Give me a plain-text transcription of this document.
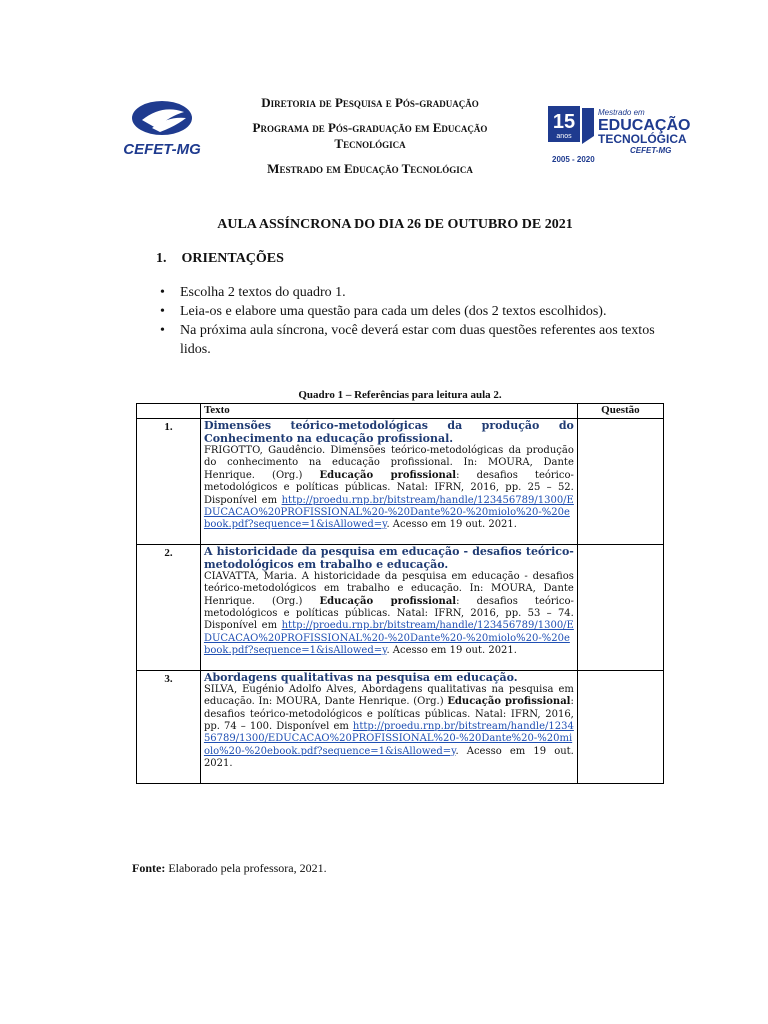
CEFET-MG
Diretoria de Pesquisa e Pós-graduação
Programa de Pós-graduação em Educação
Tecnológica
Mestrado em Educação Tecnológica
15
anos
Mestrado em
EDUCAÇÃO
TECNOLÓGICA
CEFET-MG
2005 - 2020
AULA ASSÍNCRONA DO DIA 26 DE OUTUBRO DE 2021
1. ORIENTAÇÕES
• Escolha 2 textos do quadro 1.
• Leia-os e elabore uma questão para cada um deles (dos 2 textos escolhidos).
• Na próxima aula síncrona, você deverá estar com duas questões referentes aos textos lidos.
Quadro 1 – Referências para leitura aula 2.
	Texto	Questão
1.	Dimensões teórico-metodológicas da produção do Conhecimento na educação profissional.
FRIGOTTO, Gaudêncio. Dimensões teórico-metodológicas da produção do conhecimento na educação profissional. In: MOURA, Dante Henrique. (Org.) Educação profissional: desafios teórico-metodológicos e políticas públicas. Natal: IFRN, 2016, pp. 25 – 52. Disponível em http://proedu.rnp.br/bitstream/handle/123456789/1300/EDUCACAO%20PROFISSIONAL%20-%20Dante%20-%20miolo%20-%20ebook.pdf?sequence=1&isAllowed=y. Acesso em 19 out. 2021.	
2.	A historicidade da pesquisa em educação - desafios teórico-metodológicos em trabalho e educação.
CIAVATTA, Maria. A historicidade da pesquisa em educação - desafios teórico-metodológicos em trabalho e educação. In: MOURA, Dante Henrique. (Org.) Educação profissional: desafios teórico-metodológicos e políticas públicas. Natal: IFRN, 2016, pp. 53 – 74. Disponível em http://proedu.rnp.br/bitstream/handle/123456789/1300/EDUCACAO%20PROFISSIONAL%20-%20Dante%20-%20miolo%20-%20ebook.pdf?sequence=1&isAllowed=y. Acesso em 19 out. 2021.	
3.	Abordagens qualitativas na pesquisa em educação.
SILVA, Eugénio Adolfo Alves, Abordagens qualitativas na pesquisa em educação. In: MOURA, Dante Henrique. (Org.) Educação profissional: desafios teórico-metodológicos e políticas públicas. Natal: IFRN, 2016, pp. 74 – 100. Disponível em http://proedu.rnp.br/bitstream/handle/123456789/1300/EDUCACAO%20PROFISSIONAL%20-%20Dante%20-%20miolo%20-%20ebook.pdf?sequence=1&isAllowed=y. Acesso em 19 out. 2021.	
Fonte: Elaborado pela professora, 2021.
